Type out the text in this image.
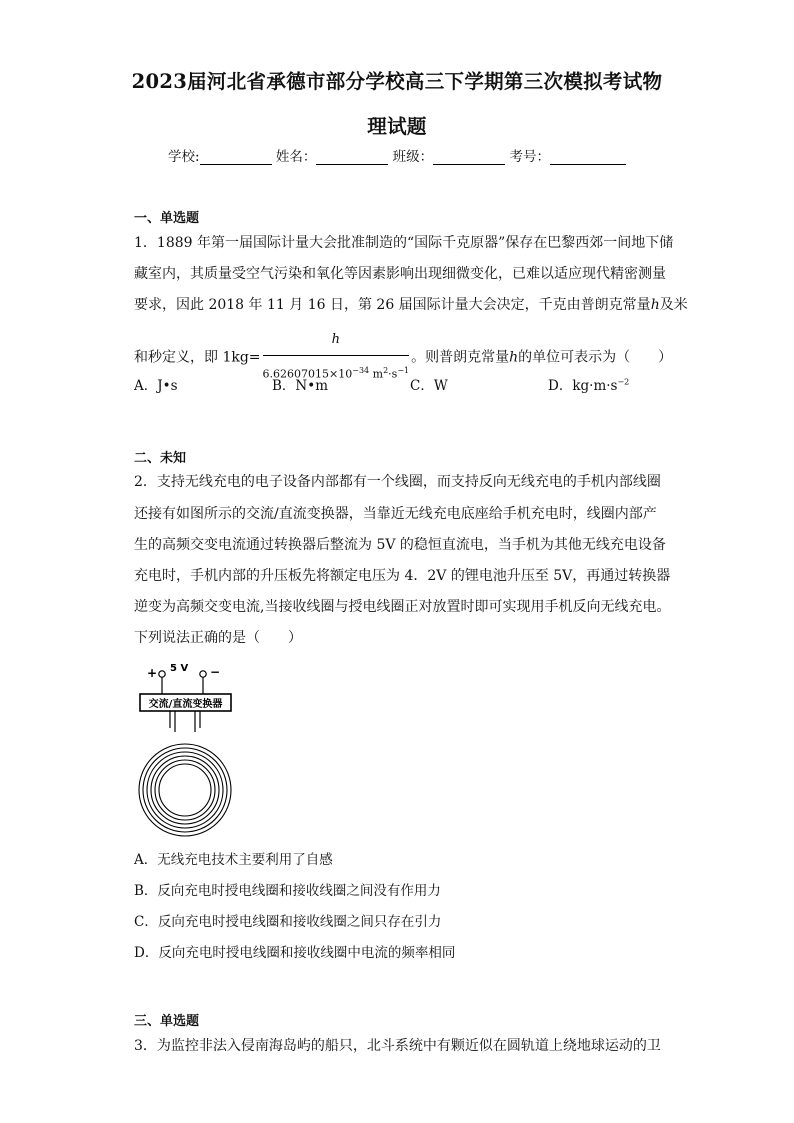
2023届河北省承德市部分学校高三下学期第三次模拟考试物
理试题
学校:	姓名：	班级：	考号：
一、单选题
1．1889 年第一届国际计量大会批准制造的“国际千克原器”保存在巴黎西郊一间地下储
藏室内，其质量受空气污染和氧化等因素影响出现细微变化，已难以适应现代精密测量
要求，因此 2018 年 11 月 16 日，第 26 届国际计量大会决定，千克由普朗克常量h及米
和秒定义，即 $1kg= \frac{h}{6.62607015\times 10^{-34} m^2\cdot s^{-1}}$ 。则普朗克常量h的单位可表示为（　　）
A．J•s	B．N•m	C．W	D．$kg\cdot m\cdot s^{-2}$
二、未知
2．支持无线充电的电子设备内部都有一个线圈，而支持反向无线充电的手机内部线圈
还接有如图所示的交流/直流变换器，当靠近无线充电底座给手机充电时，线圈内部产
生的高频交变电流通过转换器后整流为 5V 的稳恒直流电，当手机为其他无线充电设备
充电时，手机内部的升压板先将额定电压为 4．2V 的锂电池升压至 5V，再通过转换器
逆变为高频交变电流,当接收线圈与授电线圈正对放置时即可实现用手机反向无线充电。
下列说法正确的是（　　）
+ 5 V −
交流/直流变换器
A．无线充电技术主要利用了自感
B．反向充电时授电线圈和接收线圈之间没有作用力
C．反向充电时授电线圈和接收线圈之间只存在引力
D．反向充电时授电线圈和接收线圈中电流的频率相同
三、单选题
3．为监控非法入侵南海岛屿的船只，北斗系统中有颗近似在圆轨道上绕地球运动的卫
